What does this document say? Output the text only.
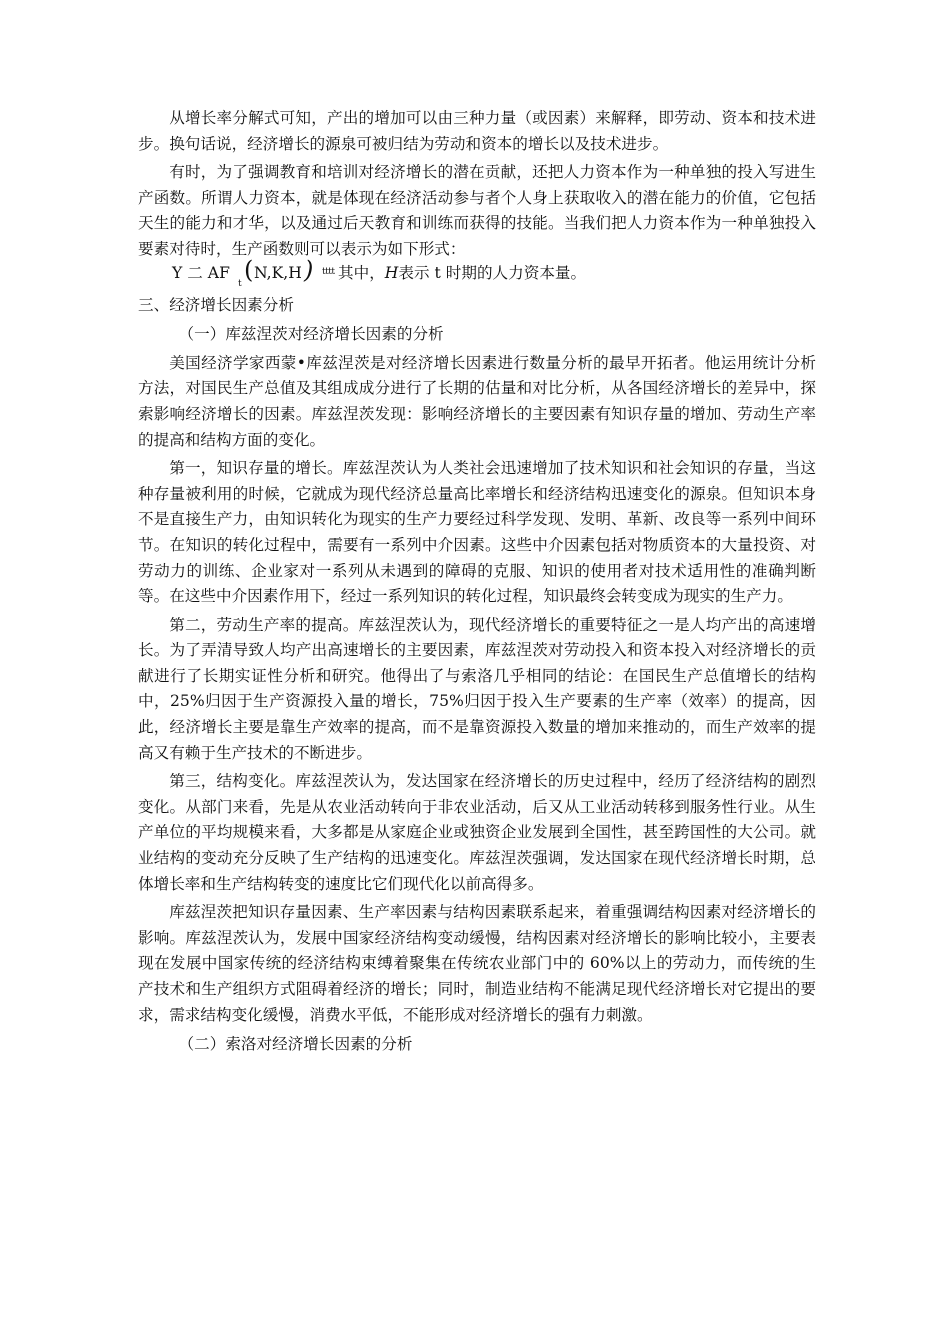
从增长率分解式可知，产出的增加可以由三种力量（或因素）来解释，即劳动、资本和技术进步。换句话说，经济增长的源泉可被归结为劳动和资本的增长以及技术进步。

有时，为了强调教育和培训对经济增长的潜在贡献，还把人力资本作为一种单独的投入写进生产函数。所谓人力资本，就是体现在经济活动参与者个人身上获取收入的潜在能力的价值，它包括天生的能力和才华，以及通过后天教育和训练而获得的技能。当我们把人力资本作为一种单独投入要素对待时，生产函数则可以表示为如下形式：

Y 二 AF
t ( N,K,H ) tttt 其中，H表示 t 时期的人力资本量。

三、经济增长因素分析

（一）库兹涅茨对经济增长因素的分析

美国经济学家西蒙•库兹涅茨是对经济增长因素进行数量分析的最早开拓者。他运用统计分析方法，对国民生产总值及其组成成分进行了长期的估量和对比分析，从各国经济增长的差异中，探索影响经济增长的因素。库兹涅茨发现：影响经济增长的主要因素有知识存量的增加、劳动生产率的提高和结构方面的变化。

第一，知识存量的增长。库兹涅茨认为人类社会迅速增加了技术知识和社会知识的存量，当这种存量被利用的时候，它就成为现代经济总量高比率增长和经济结构迅速变化的源泉。但知识本身不是直接生产力，由知识转化为现实的生产力要经过科学发现、发明、革新、改良等一系列中间环节。在知识的转化过程中，需要有一系列中介因素。这些中介因素包括对物质资本的大量投资、对劳动力的训练、企业家对一系列从未遇到的障碍的克服、知识的使用者对技术适用性的准确判断等。在这些中介因素作用下，经过一系列知识的转化过程，知识最终会转变成为现实的生产力。

第二，劳动生产率的提高。库兹涅茨认为，现代经济增长的重要特征之一是人均产出的高速增长。为了弄清导致人均产出高速增长的主要因素，库兹涅茨对劳动投入和资本投入对经济增长的贡献进行了长期实证性分析和研究。他得出了与索洛几乎相同的结论：在国民生产总值增长的结构中，25%归因于生产资源投入量的增长，75%归因于投入生产要素的生产率（效率）的提高，因此，经济增长主要是靠生产效率的提高，而不是靠资源投入数量的增加来推动的，而生产效率的提高又有赖于生产技术的不断进步。

第三，结构变化。库兹涅茨认为，发达国家在经济增长的历史过程中，经历了经济结构的剧烈变化。从部门来看，先是从农业活动转向于非农业活动，后又从工业活动转移到服务性行业。从生产单位的平均规模来看，大多都是从家庭企业或独资企业发展到全国性，甚至跨国性的大公司。就业结构的变动充分反映了生产结构的迅速变化。库兹涅茨强调，发达国家在现代经济增长时期，总体增长率和生产结构转变的速度比它们现代化以前高得多。

库兹涅茨把知识存量因素、生产率因素与结构因素联系起来，着重强调结构因素对经济增长的影响。库兹涅茨认为，发展中国家经济结构变动缓慢，结构因素对经济增长的影响比较小，主要表现在发展中国家传统的经济结构束缚着聚集在传统农业部门中的 60%以上的劳动力，而传统的生产技术和生产组织方式阻碍着经济的增长；同时，制造业结构不能满足现代经济增长对它提出的要求，需求结构变化缓慢，消费水平低，不能形成对经济增长的强有力刺激。

（二）索洛对经济增长因素的分析
